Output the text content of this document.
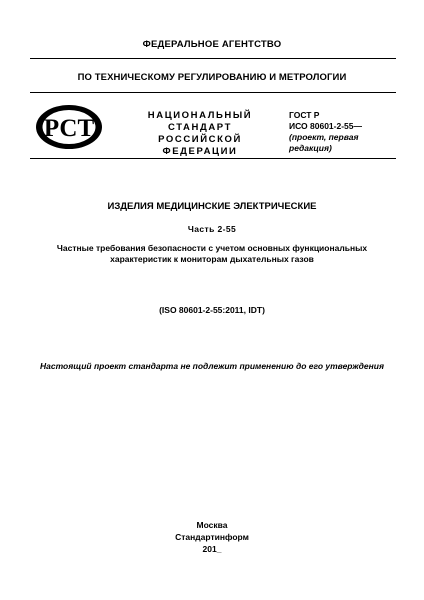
ФЕДЕРАЛЬНОЕ АГЕНТСТВО
ПО ТЕХНИЧЕСКОМУ РЕГУЛИРОВАНИЮ И МЕТРОЛОГИИ
РСТ	НАЦИОНАЛЬНЫЙ
СТАНДАРТ
РОССИЙСКОЙ
ФЕДЕРАЦИИ
ГОСТ Р
ИСО 80601-2-55—
(проект, первая
редакция)
ИЗДЕЛИЯ МЕДИЦИНСКИЕ ЭЛЕКТРИЧЕСКИЕ
Часть 2-55
Частные требования безопасности с учетом основных функциональных
характеристик к мониторам дыхательных газов
(ISO 80601-2-55:2011, IDT)
Настоящий проект стандарта не подлежит применению до его утверждения
Москва
Стандартинформ
201_
